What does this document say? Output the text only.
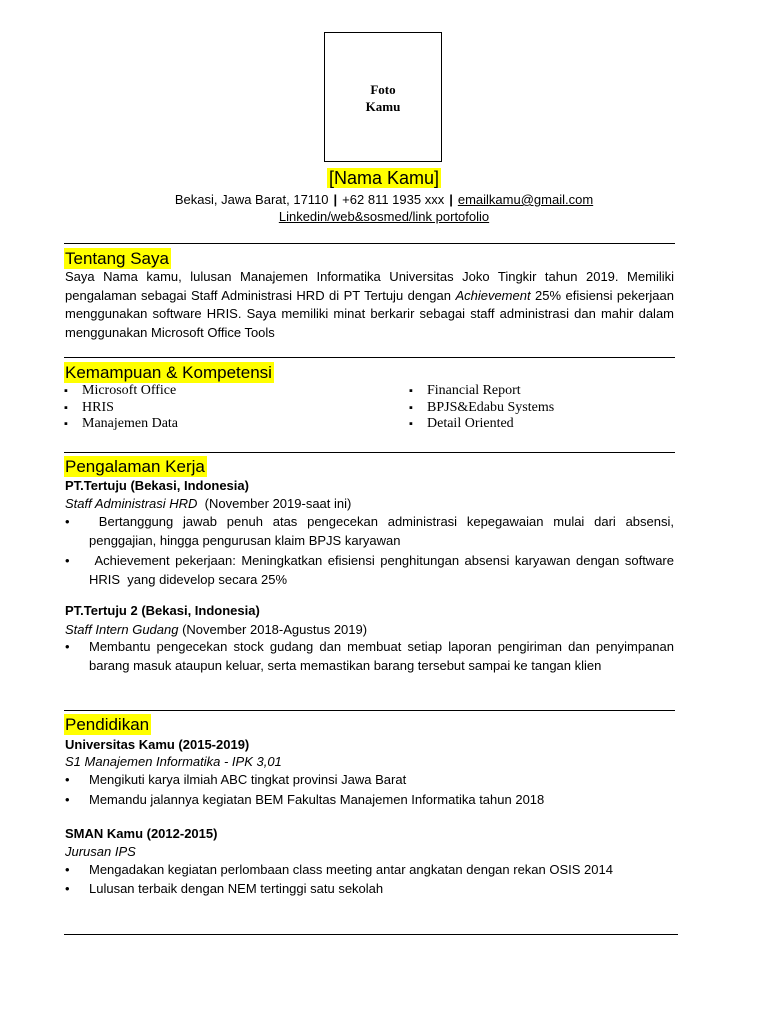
Foto
Kamu
[Nama Kamu]
Bekasi, Jawa Barat, 17110 | +62 811 1935 xxx | emailkamu@gmail.com
Linkedin/web&sosmed/link portofolio
Tentang Saya
Saya Nama kamu, lulusan Manajemen Informatika Universitas Joko Tingkir tahun 2019. Memiliki pengalaman sebagai Staff Administrasi HRD di PT Tertuju dengan Achievement 25% efisiensi pekerjaan menggunakan software HRIS. Saya memiliki minat berkarir sebagai staff administrasi dan mahir dalam menggunakan Microsoft Office Tools
Kemampuan & Kompetensi
▪ Microsoft Office
▪ HRIS
▪ Manajemen Data
▪ Financial Report
▪ BPJS&Edabu Systems
▪ Detail Oriented
Pengalaman Kerja
PT.Tertuju (Bekasi, Indonesia)
Staff Administrasi HRD  (November 2019-saat ini)
• Bertanggung jawab penuh atas pengecekan administrasi kepegawaian mulai dari absensi, penggajian, hingga pengurusan klaim BPJS karyawan
• Achievement pekerjaan: Meningkatkan efisiensi penghitungan absensi karyawan dengan software HRIS  yang didevelop secara 25%
PT.Tertuju 2 (Bekasi, Indonesia)
Staff Intern Gudang (November 2018-Agustus 2019)
• Membantu pengecekan stock gudang dan membuat setiap laporan pengiriman dan penyimpanan barang masuk ataupun keluar, serta memastikan barang tersebut sampai ke tangan klien
Pendidikan
Universitas Kamu (2015-2019)
S1 Manajemen Informatika - IPK 3,01
• Mengikuti karya ilmiah ABC tingkat provinsi Jawa Barat
• Memandu jalannya kegiatan BEM Fakultas Manajemen Informatika tahun 2018
SMAN Kamu (2012-2015)
Jurusan IPS
• Mengadakan kegiatan perlombaan class meeting antar angkatan dengan rekan OSIS 2014
• Lulusan terbaik dengan NEM tertinggi satu sekolah
